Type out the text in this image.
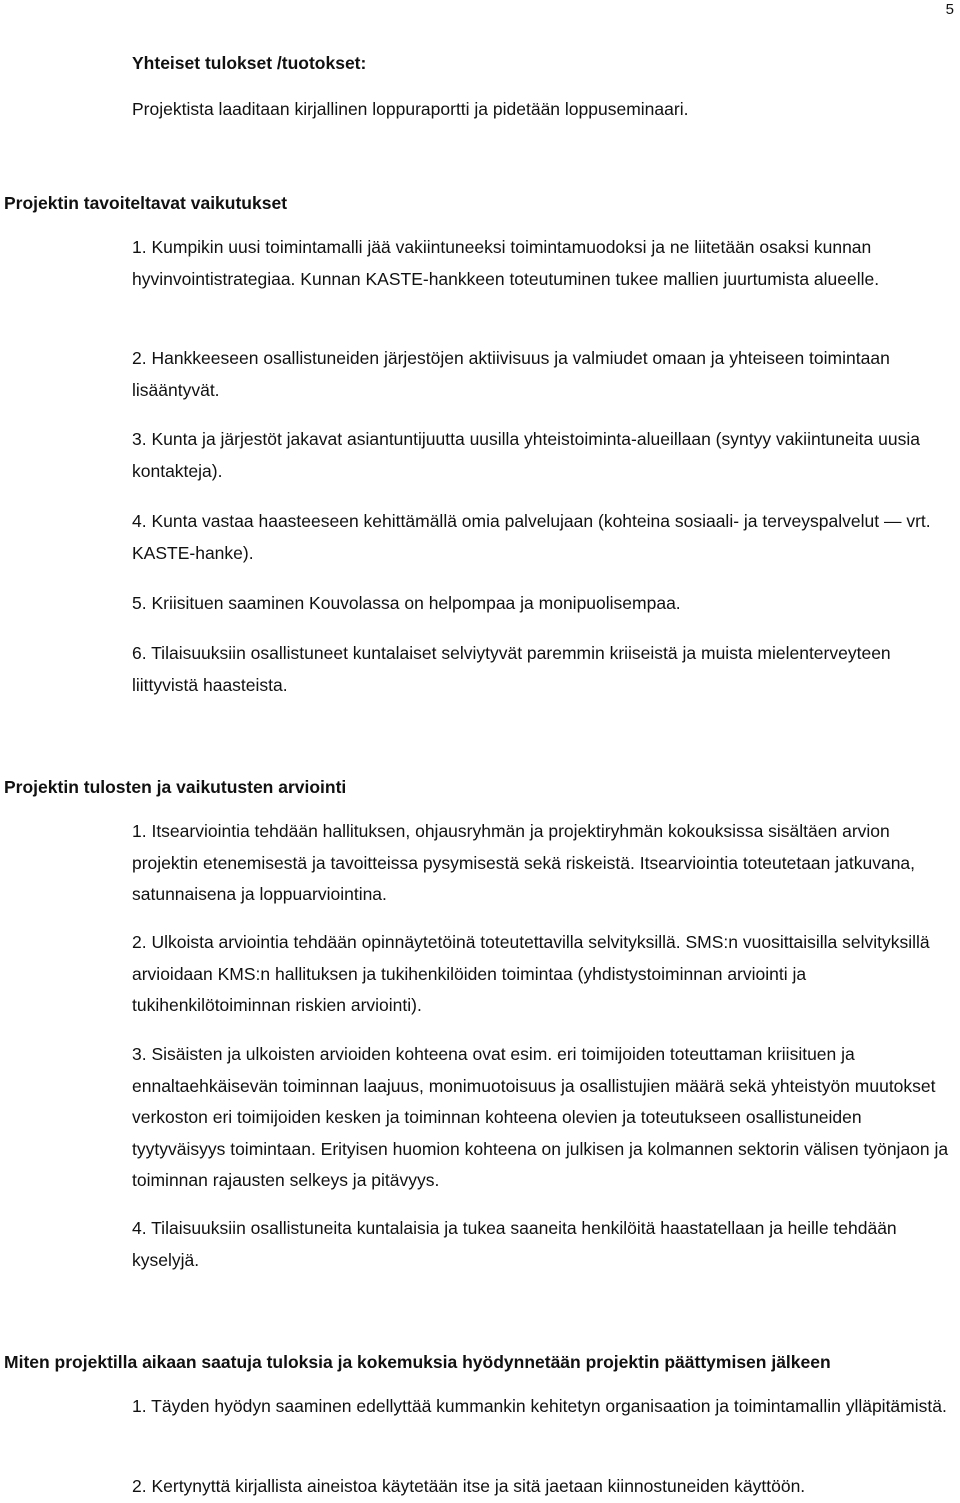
5
Yhteiset tulokset /tuotokset:

Projektista laaditaan kirjallinen loppuraportti ja pidetään loppuseminaari.

Projektin tavoiteltavat vaikutukset

1. Kumpikin uusi toimintamalli jää vakiintuneeksi toimintamuodoksi ja ne liitetään osaksi kunnan hyvinvointistrategiaa. Kunnan KASTE-hankkeen toteutuminen tukee mallien juurtumista alueelle.

2. Hankkeeseen osallistuneiden järjestöjen aktiivisuus ja valmiudet omaan ja yhteiseen toimintaan lisääntyvät.

3. Kunta ja järjestöt jakavat asiantuntijuutta uusilla yhteistoiminta-alueillaan (syntyy vakiintuneita uusia kontakteja).

4. Kunta vastaa haasteeseen kehittämällä omia palvelujaan (kohteina sosiaali- ja terveyspalvelut — vrt. KASTE-hanke).

5. Kriisituen saaminen Kouvolassa on helpompaa ja monipuolisempaa.

6. Tilaisuuksiin osallistuneet kuntalaiset selviytyvät paremmin kriiseistä ja muista mielenterveyteen liittyvistä haasteista.

Projektin tulosten ja vaikutusten arviointi

1. Itsearviointia tehdään hallituksen, ohjausryhmän ja projektiryhmän kokouksissa sisältäen arvion projektin etenemisestä ja tavoitteissa pysymisestä sekä riskeistä. Itsearviointia toteutetaan jatkuvana, satunnaisena ja loppuarviointina.

2. Ulkoista arviointia tehdään opinnäytetöinä toteutettavilla selvityksillä. SMS:n vuosittaisilla selvityksillä arvioidaan KMS:n hallituksen ja tukihenkilöiden toimintaa (yhdistystoiminnan arviointi ja tukihenkilötoiminnan riskien arviointi).

3. Sisäisten ja ulkoisten arvioiden kohteena ovat esim. eri toimijoiden toteuttaman kriisituen ja ennaltaehkäisevän toiminnan laajuus, monimuotoisuus ja osallistujien määrä sekä yhteistyön muutokset verkoston eri toimijoiden kesken ja toiminnan kohteena olevien ja toteutukseen osallistuneiden tyytyväisyys toimintaan. Erityisen huomion kohteena on julkisen ja kolmannen sektorin välisen työnjaon ja toiminnan rajausten selkeys ja pitävyys.

4. Tilaisuuksiin osallistuneita kuntalaisia ja tukea saaneita henkilöitä haastatellaan ja heille tehdään kyselyjä.

Miten projektilla aikaan saatuja tuloksia ja kokemuksia hyödynnetään projektin päättymisen jälkeen

1. Täyden hyödyn saaminen edellyttää kummankin kehitetyn organisaation ja toimintamallin ylläpitämistä.

2. Kertynyttä kirjallista aineistoa käytetään itse ja sitä jaetaan kiinnostuneiden käyttöön.
